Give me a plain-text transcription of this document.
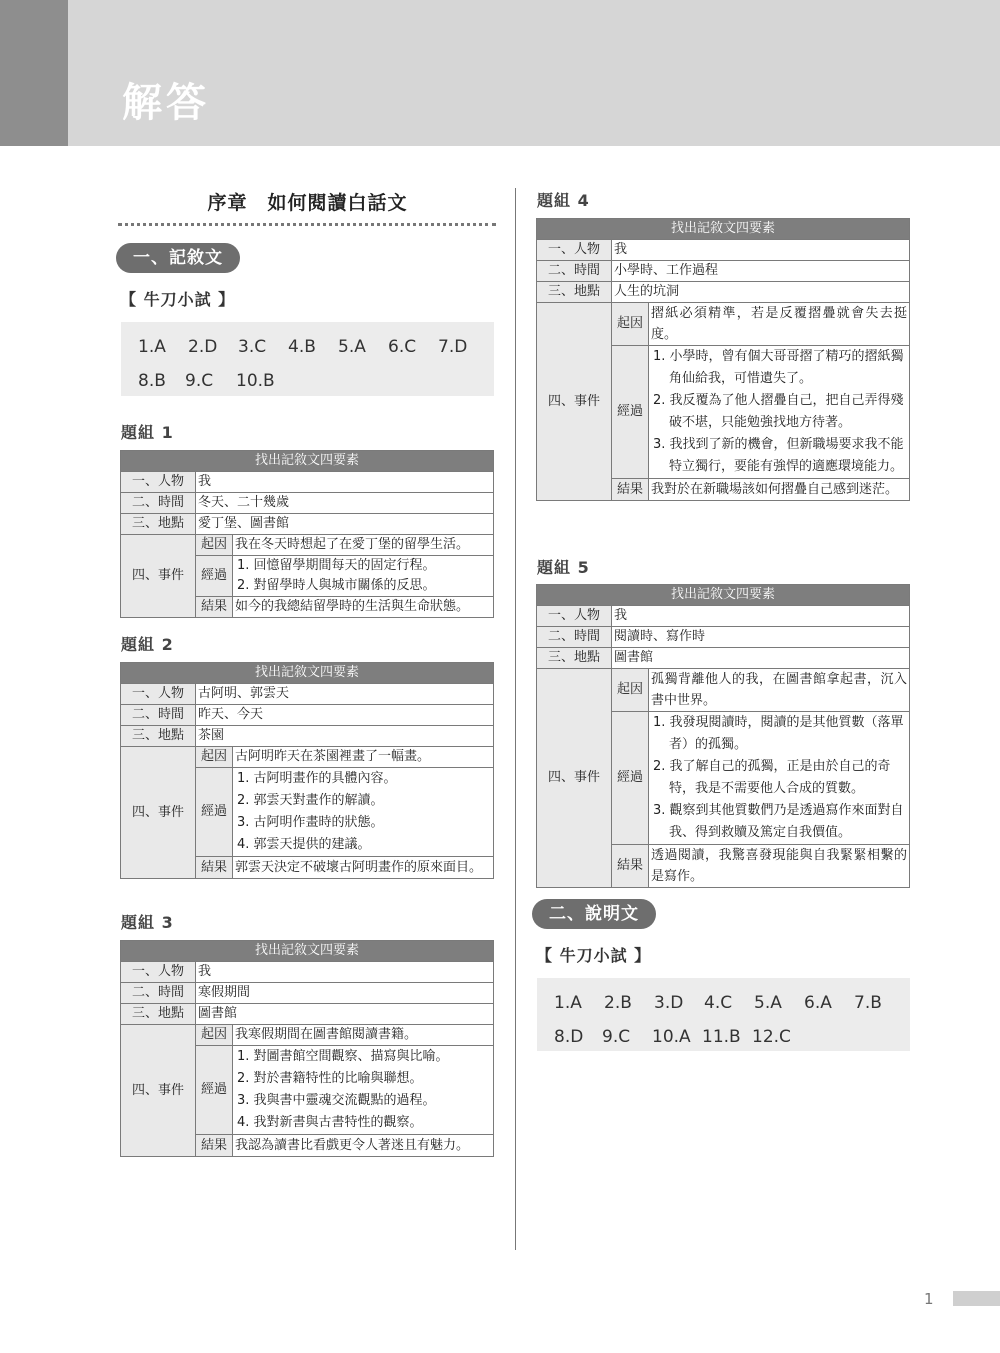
解答
序章　如何閱讀白話文
一、記敘文
【 牛刀小試 】
1.A	2.D	3.C	4.B	5.A	6.C	7.D
8.B	9.C	10.B
題組 1
找出記敘文四要素		
一、人物	我	
二、時間	冬天、二十幾歲	
三、地點	愛丁堡、圖書館	
四、事件	起因	我在冬天時想起了在愛丁堡的留學生活。
	經過	1. 回憶留學期間每天的固定行程。
2. 對留學時人與城市關係的反思。

	結果	如今的我總結留學時的生活與生命狀態。
題組 2
找出記敘文四要素		
一、人物	古阿明、郭雲天	
二、時間	昨天、今天	
三、地點	茶園	
四、事件	起因	古阿明昨天在茶園裡畫了一幅畫。
	經過	1. 古阿明畫作的具體內容。
2. 郭雲天對畫作的解讀。
3. 古阿明作畫時的狀態。
4. 郭雲天提供的建議。

	結果	郭雲天決定不破壞古阿明畫作的原來面目。
題組 3
找出記敘文四要素		
一、人物	我	
二、時間	寒假期間	
三、地點	圖書館	
四、事件	起因	我寒假期間在圖書館閱讀書籍。
	經過	1. 對圖書館空間觀察、描寫與比喻。
2. 對於書籍特性的比喻與聯想。
3. 我與書中靈魂交流觀點的過程。
4. 我對新書與古書特性的觀察。

	結果	我認為讀書比看戲更令人著迷且有魅力。
題組 4
找出記敘文四要素		
一、人物	我	
二、時間	小學時、工作過程	
三、地點	人生的坑洞	
四、事件	起因	摺紙必須精準，若是反覆摺疊就會失去挺度。
	經過	1. 小學時，曾有個大哥哥摺了精巧的摺紙獨角仙給我，可惜遺失了。
2. 我反覆為了他人摺疊自己，把自己弄得殘破不堪，只能勉強找地方待著。
3. 我找到了新的機會，但新職場要求我不能特立獨行，要能有強悍的適應環境能力。

	結果	我對於在新職場該如何摺疊自己感到迷茫。
題組 5
找出記敘文四要素		
一、人物	我	
二、時間	閱讀時、寫作時	
三、地點	圖書館	
四、事件	起因	孤獨背離他人的我，在圖書館拿起書，沉入書中世界。
	經過	1. 我發現閱讀時，閱讀的是其他質數（落單者）的孤獨。
2. 我了解自己的孤獨，正是由於自己的奇特，我是不需要他人合成的質數。
3. 觀察到其他質數們乃是透過寫作來面對自我、得到救贖及篤定自我價值。

	結果	透過閱讀，我驚喜發現能與自我緊緊相繫的是寫作。
二、說明文
【 牛刀小試 】
1.A	2.B	3.D	4.C	5.A	6.A	7.B
8.D	9.C	10.A 11.B 12.C
1
